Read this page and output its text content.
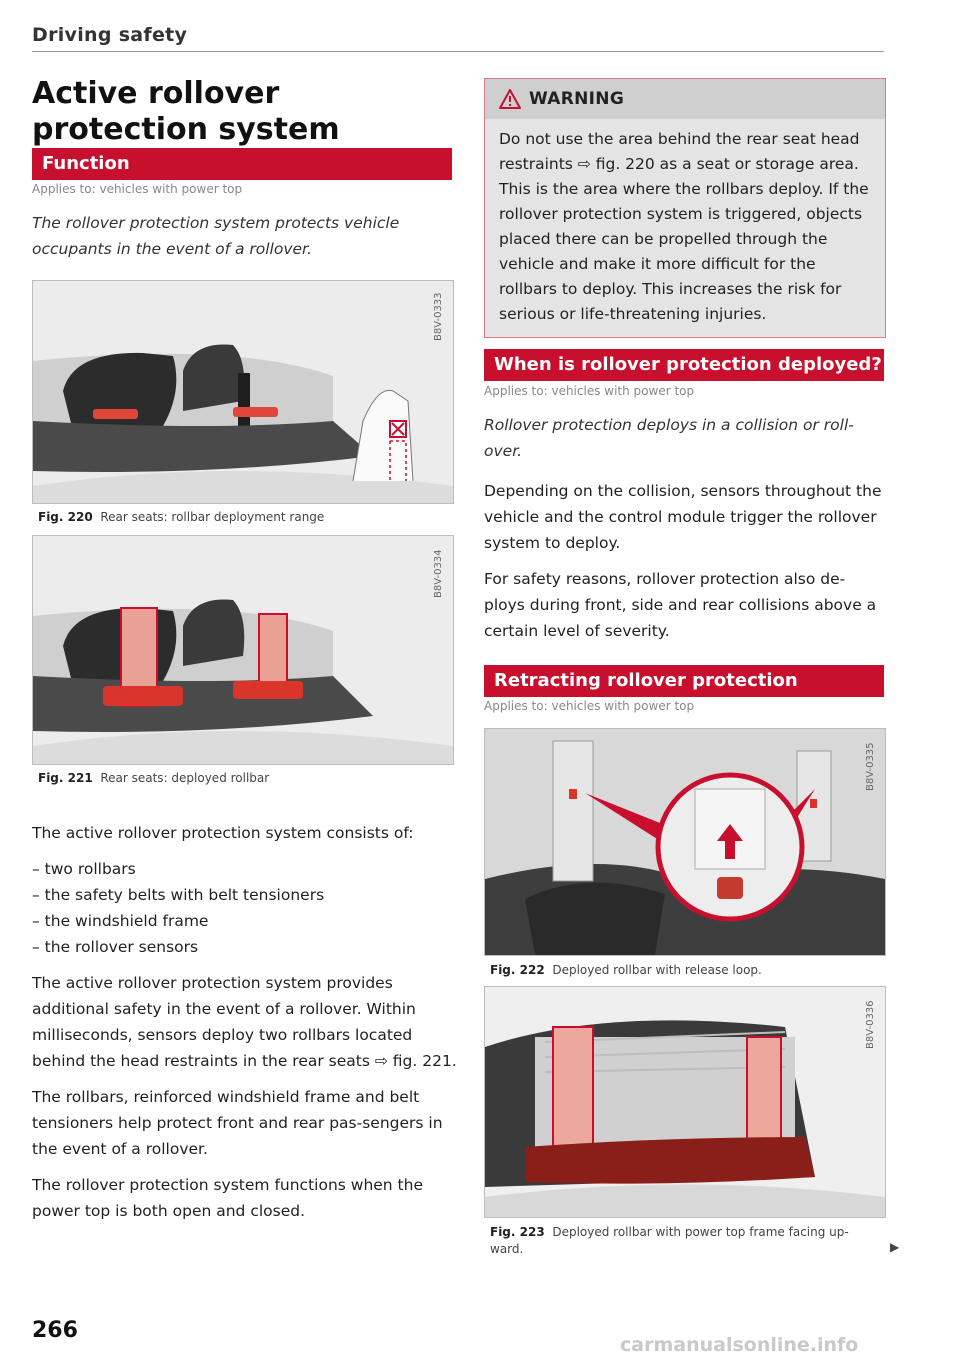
Driving safety
Active rollover protection system
Function
Applies to: vehicles with power top
The rollover protection system protects vehicle occupants in the event of a rollover.
B8V-0333
Fig. 220 Rear seats: rollbar deployment range
B8V-0334
Fig. 221 Rear seats: deployed rollbar

The active rollover protection system consists of:

– two rollbars
– the safety belts with belt tensioners
– the windshield frame
– the rollover sensors

The active rollover protection system provides additional safety in the event of a rollover. Within milliseconds, sensors deploy two rollbars located behind the head restraints in the rear seats ⇨ fig. 221.

The rollbars, reinforced windshield frame and belt tensioners help protect front and rear pas-sengers in the event of a rollover.

The rollover protection system functions when the power top is both open and closed.

266
WARNING
Do not use the area behind the rear seat head restraints ⇨ fig. 220 as a seat or storage area. This is the area where the rollbars deploy. If the rollover protection system is triggered, objects placed there can be propelled through the vehicle and make it more difficult for the rollbars to deploy. This increases the risk for serious or life-threatening injuries.
When is rollover protection deployed?
Applies to: vehicles with power top
Rollover protection deploys in a collision or roll-over.

Depending on the collision, sensors throughout the vehicle and the control module trigger the rollover system to deploy.

For safety reasons, rollover protection also de-ploys during front, side and rear collisions above a certain level of severity.

Retracting rollover protection
Applies to: vehicles with power top
B8V-0335
Fig. 222 Deployed rollbar with release loop.
B8V-0336
Fig. 223 Deployed rollbar with power top frame facing up-ward.	▶
carmanualsonline.info
